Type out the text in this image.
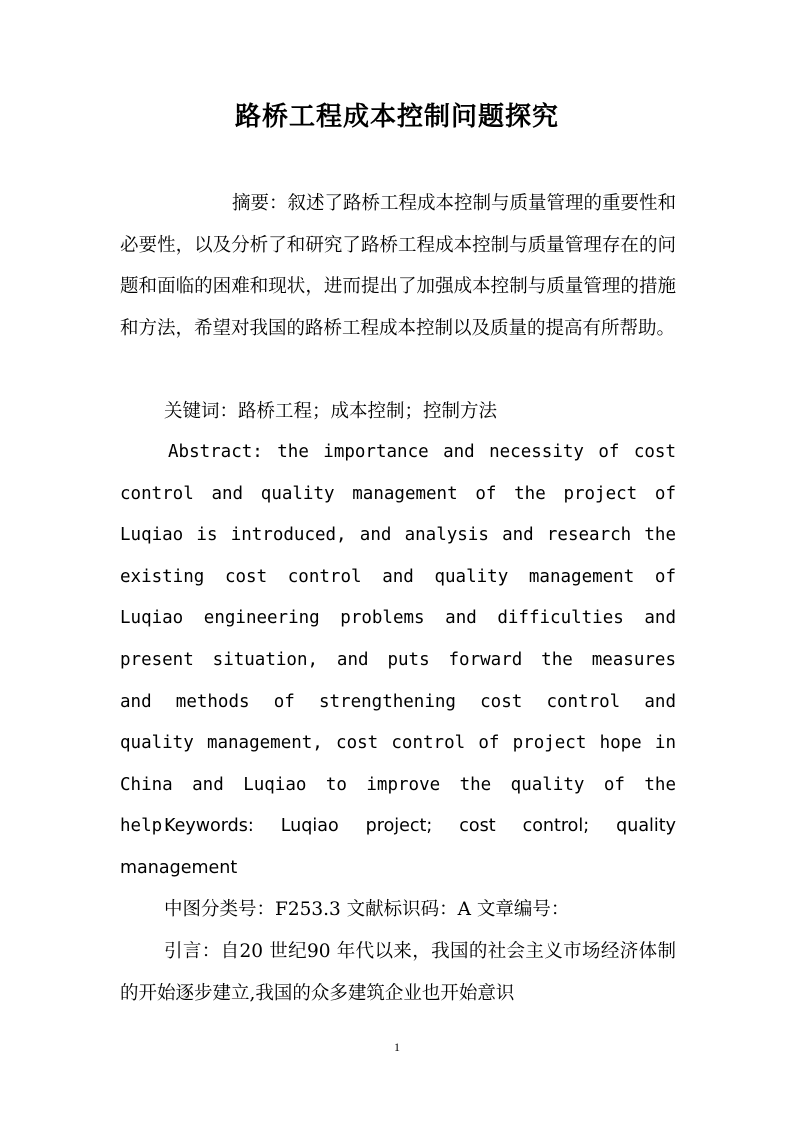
路桥工程成本控制问题探究

摘要：叙述了路桥工程成本控制与质量管理的重要性和必要性，以及分析了和研究了路桥工程成本控制与质量管理存在的问题和面临的困难和现状，进而提出了加强成本控制与质量管理的措施和方法，希望对我国的路桥工程成本控制以及质量的提高有所帮助。

关键词：路桥工程；成本控制；控制方法

Abstract: the importance and necessity of cost control and quality management of the project of Luqiao is introduced, and analysis and research the existing cost control and quality management of Luqiao engineering problems and difficulties and present situation, and puts forward the measures and methods of strengthening cost control and quality management, cost control of project hope in China and Luqiao to improve the quality of the help.

Keywords: Luqiao project; cost control; quality management

中图分类号：F253.3 文献标识码：A 文章编号：

引言：自20 世纪90 年代以来，我国的社会主义市场经济体制的开始逐步建立,我国的众多建筑企业也开始意识

1
